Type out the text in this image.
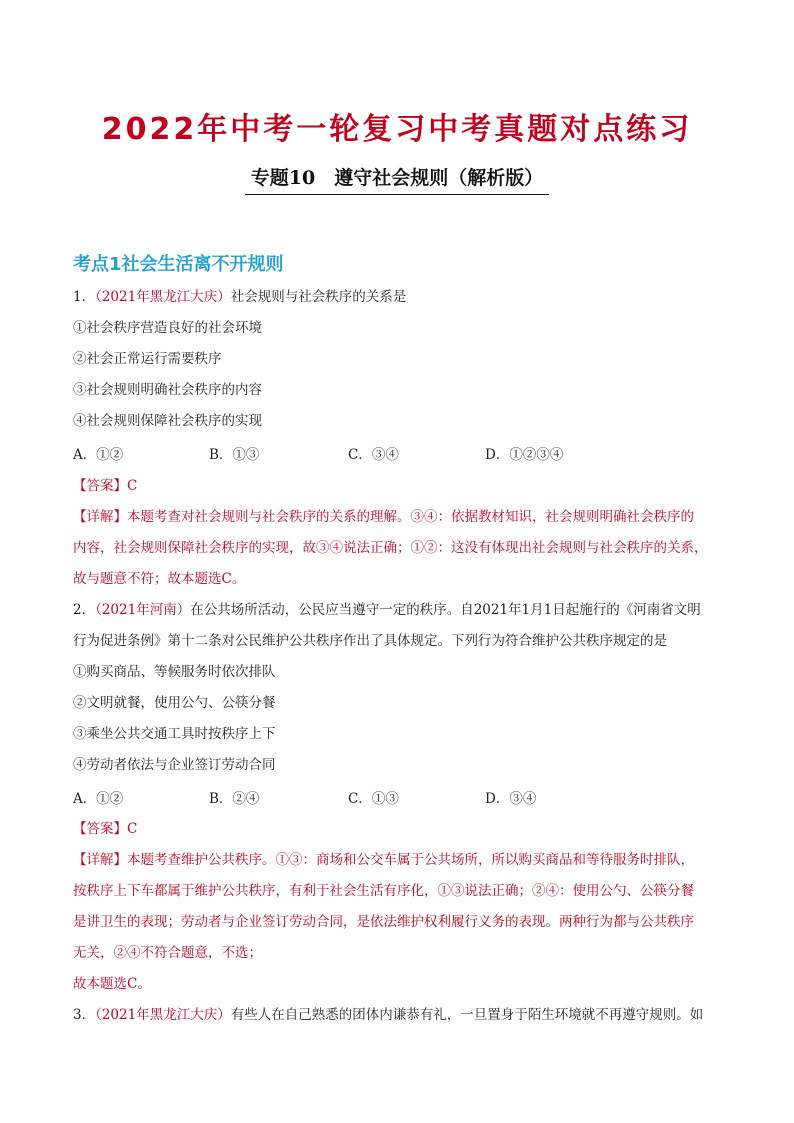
2022年中考一轮复习中考真题对点练习
专题10　遵守社会规则（解析版）
考点1社会生活离不开规则
1．（2021年黑龙江大庆）社会规则与社会秩序的关系是
①社会秩序营造良好的社会环境
②社会正常运行需要秩序
③社会规则明确社会秩序的内容
④社会规则保障社会秩序的实现
A．①②	B．①③	C．③④	D．①②③④
【答案】C
【详解】本题考查对社会规则与社会秩序的关系的理解。③④：依据教材知识，社会规则明确社会秩序的
内容，社会规则保障社会秩序的实现，故③④说法正确；①②：这没有体现出社会规则与社会秩序的关系，
故与题意不符；故本题选C。
2．（2021年河南）在公共场所活动，公民应当遵守一定的秩序。自2021年1月1日起施行的《河南省文明
行为促进条例》第十二条对公民维护公共秩序作出了具体规定。下列行为符合维护公共秩序规定的是
①购买商品、等候服务时依次排队
②文明就餐，使用公勺、公筷分餐
③乘坐公共交通工具时按秩序上下
④劳动者依法与企业签订劳动合同
A．①②	B．②④	C．①③	D．③④
【答案】C
【详解】本题考查维护公共秩序。①③：商场和公交车属于公共场所，所以购买商品和等待服务时排队，
按秩序上下车都属于维护公共秩序，有利于社会生活有序化，①③说法正确；②④：使用公勺、公筷分餐
是讲卫生的表现；劳动者与企业签订劳动合同，是依法维护权利履行义务的表现。两种行为都与公共秩序
无关，②④不符合题意，不选；
故本题选C。
3．（2021年黑龙江大庆）有些人在自己熟悉的团体内谦恭有礼，一旦置身于陌生环境就不再遵守规则。如
